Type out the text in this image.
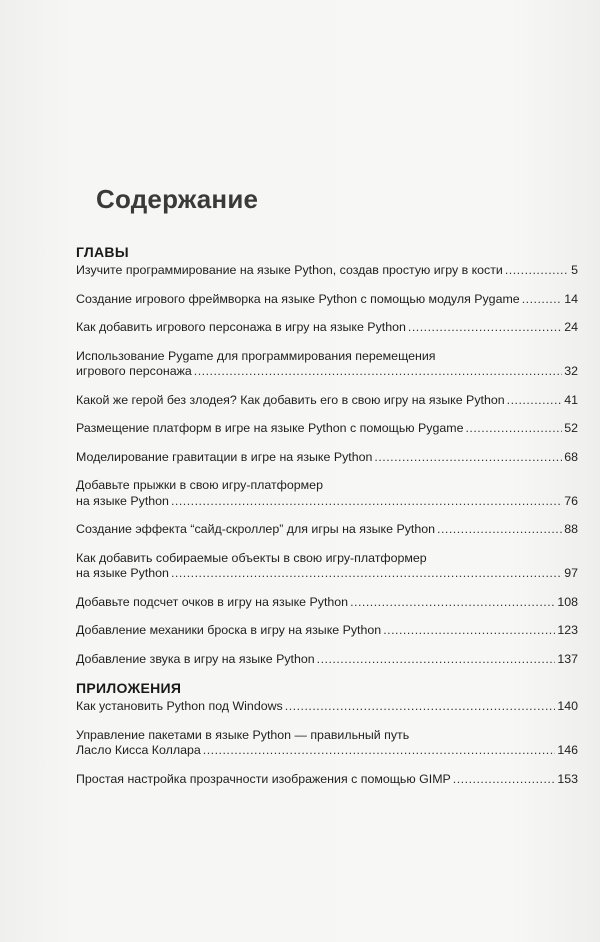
Содержание
ГЛАВЫ
Изучите программирование на языке Python, создав простую игру в кости .....	5
Создание игрового фреймворка на языке Python с помощью модуля Pygame .....	14
Как добавить игрового персонажа в игру на языке Python .....	24
Использование Pygame для программирования перемещения
игрового персонажа .....	32
Какой же герой без злодея? Как добавить его в свою игру на языке Python .....	41
Размещение платформ в игре на языке Python с помощью Pygame .....	52
Моделирование гравитации в игре на языке Python .....	68
Добавьте прыжки в свою игру-платформер
на языке Python .....	76
Создание эффекта “сайд-скроллер” для игры на языке Python .....	88
Как добавить собираемые объекты в свою игру-платформер
на языке Python .....	97
Добавьте подсчет очков в игру на языке Python .....	108
Добавление механики броска в игру на языке Python .....	123
Добавление звука в игру на языке Python .....	137
ПРИЛОЖЕНИЯ
Как установить Python под Windows .....	140
Управление пакетами в языке Python — правильный путь
Ласло Кисса Коллара .....	146
Простая настройка прозрачности изображения с помощью GIMP .....	153
